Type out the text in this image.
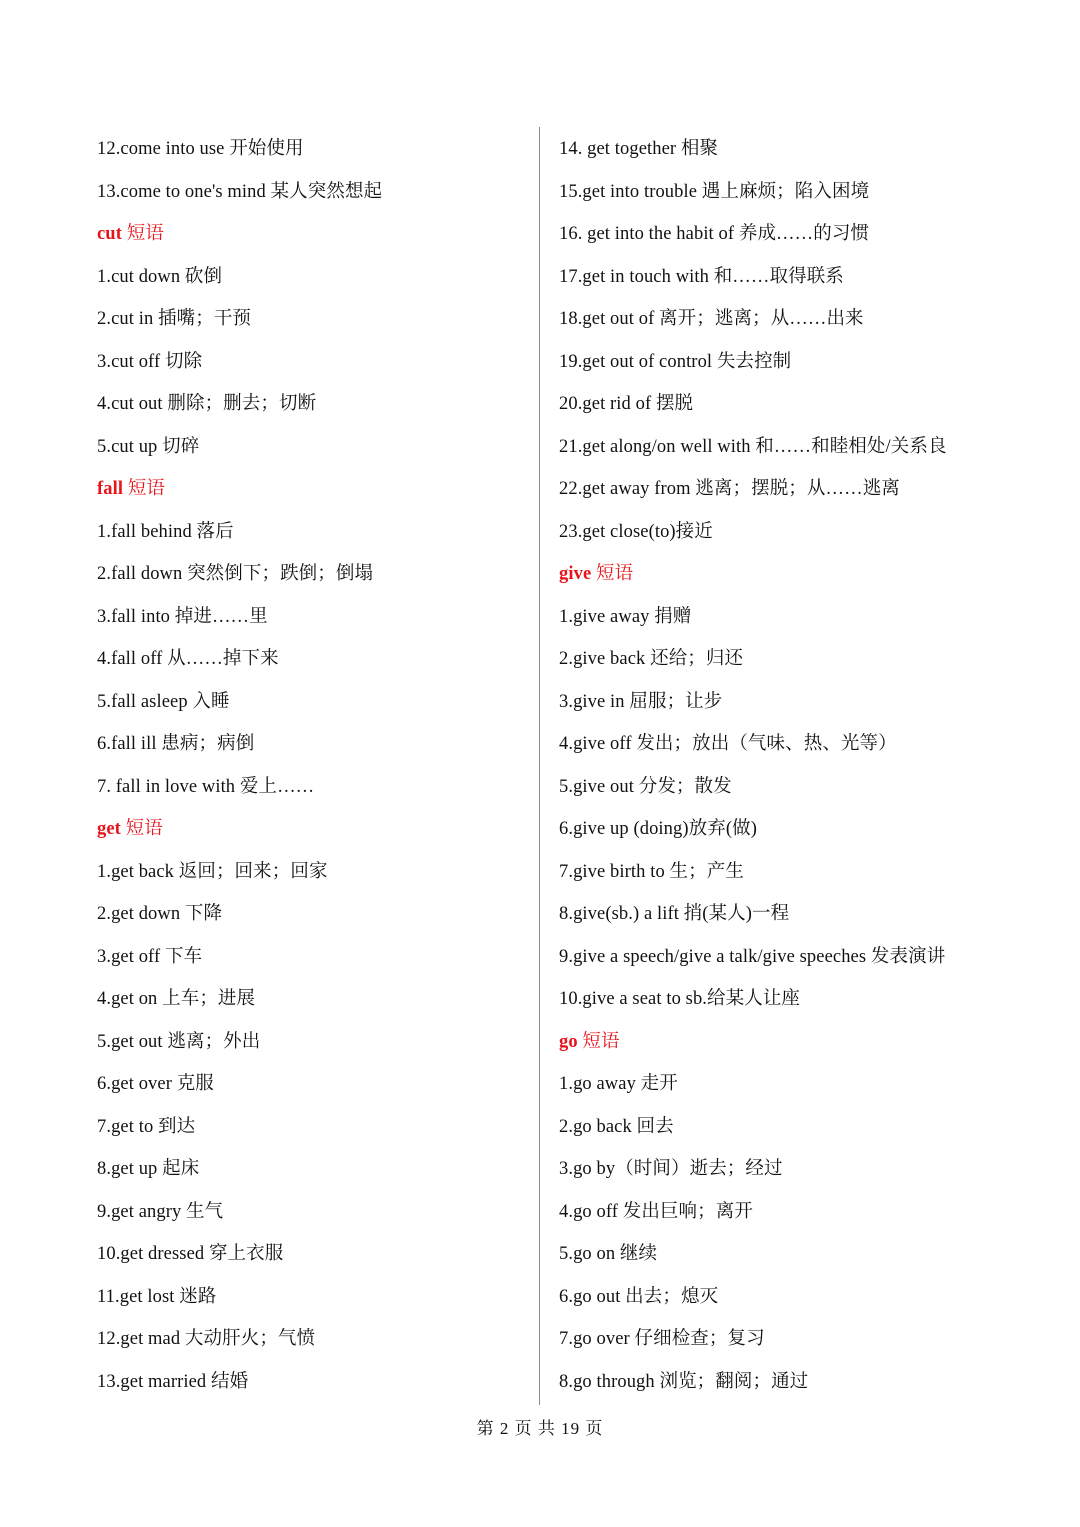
12.come into use 开始使用
13.come to one's mind 某人突然想起
cut 短语
1.cut down 砍倒
2.cut in 插嘴；干预
3.cut off 切除
4.cut out 删除；删去；切断
5.cut up 切碎
fall 短语
1.fall behind 落后
2.fall down 突然倒下；跌倒；倒塌
3.fall into 掉进……里
4.fall off 从……掉下来
5.fall asleep 入睡
6.fall ill 患病；病倒
7. fall in love with 爱上……
get 短语
1.get back 返回；回来；回家
2.get down 下降
3.get off 下车
4.get on 上车；进展
5.get out 逃离；外出
6.get over 克服
7.get to 到达
8.get up 起床
9.get angry 生气
10.get dressed 穿上衣服
11.get lost 迷路
12.get mad 大动肝火；气愤
13.get married 结婚
14. get together 相聚
15.get into trouble 遇上麻烦；陷入困境
16. get into the habit of 养成……的习惯
17.get in touch with 和……取得联系
18.get out of 离开；逃离；从……出来
19.get out of control 失去控制
20.get rid of 摆脱
21.get along/on well with 和……和睦相处/关系良
22.get away from 逃离；摆脱；从……逃离
23.get close(to)接近
give 短语
1.give away 捐赠
2.give back 还给；归还
3.give in 屈服；让步
4.give off 发出；放出（气味、热、光等）
5.give out 分发；散发
6.give up (doing)放弃(做)
7.give birth to 生；产生
8.give(sb.) a lift 捎(某人)一程
9.give a speech/give a talk/give speeches 发表演讲
10.give a seat to sb.给某人让座
go 短语
1.go away 走开
2.go back 回去
3.go by（时间）逝去；经过
4.go off 发出巨响；离开
5.go on 继续
6.go out 出去；熄灭
7.go over 仔细检查；复习
8.go through 浏览；翻阅；通过
第 2 页 共 19 页
